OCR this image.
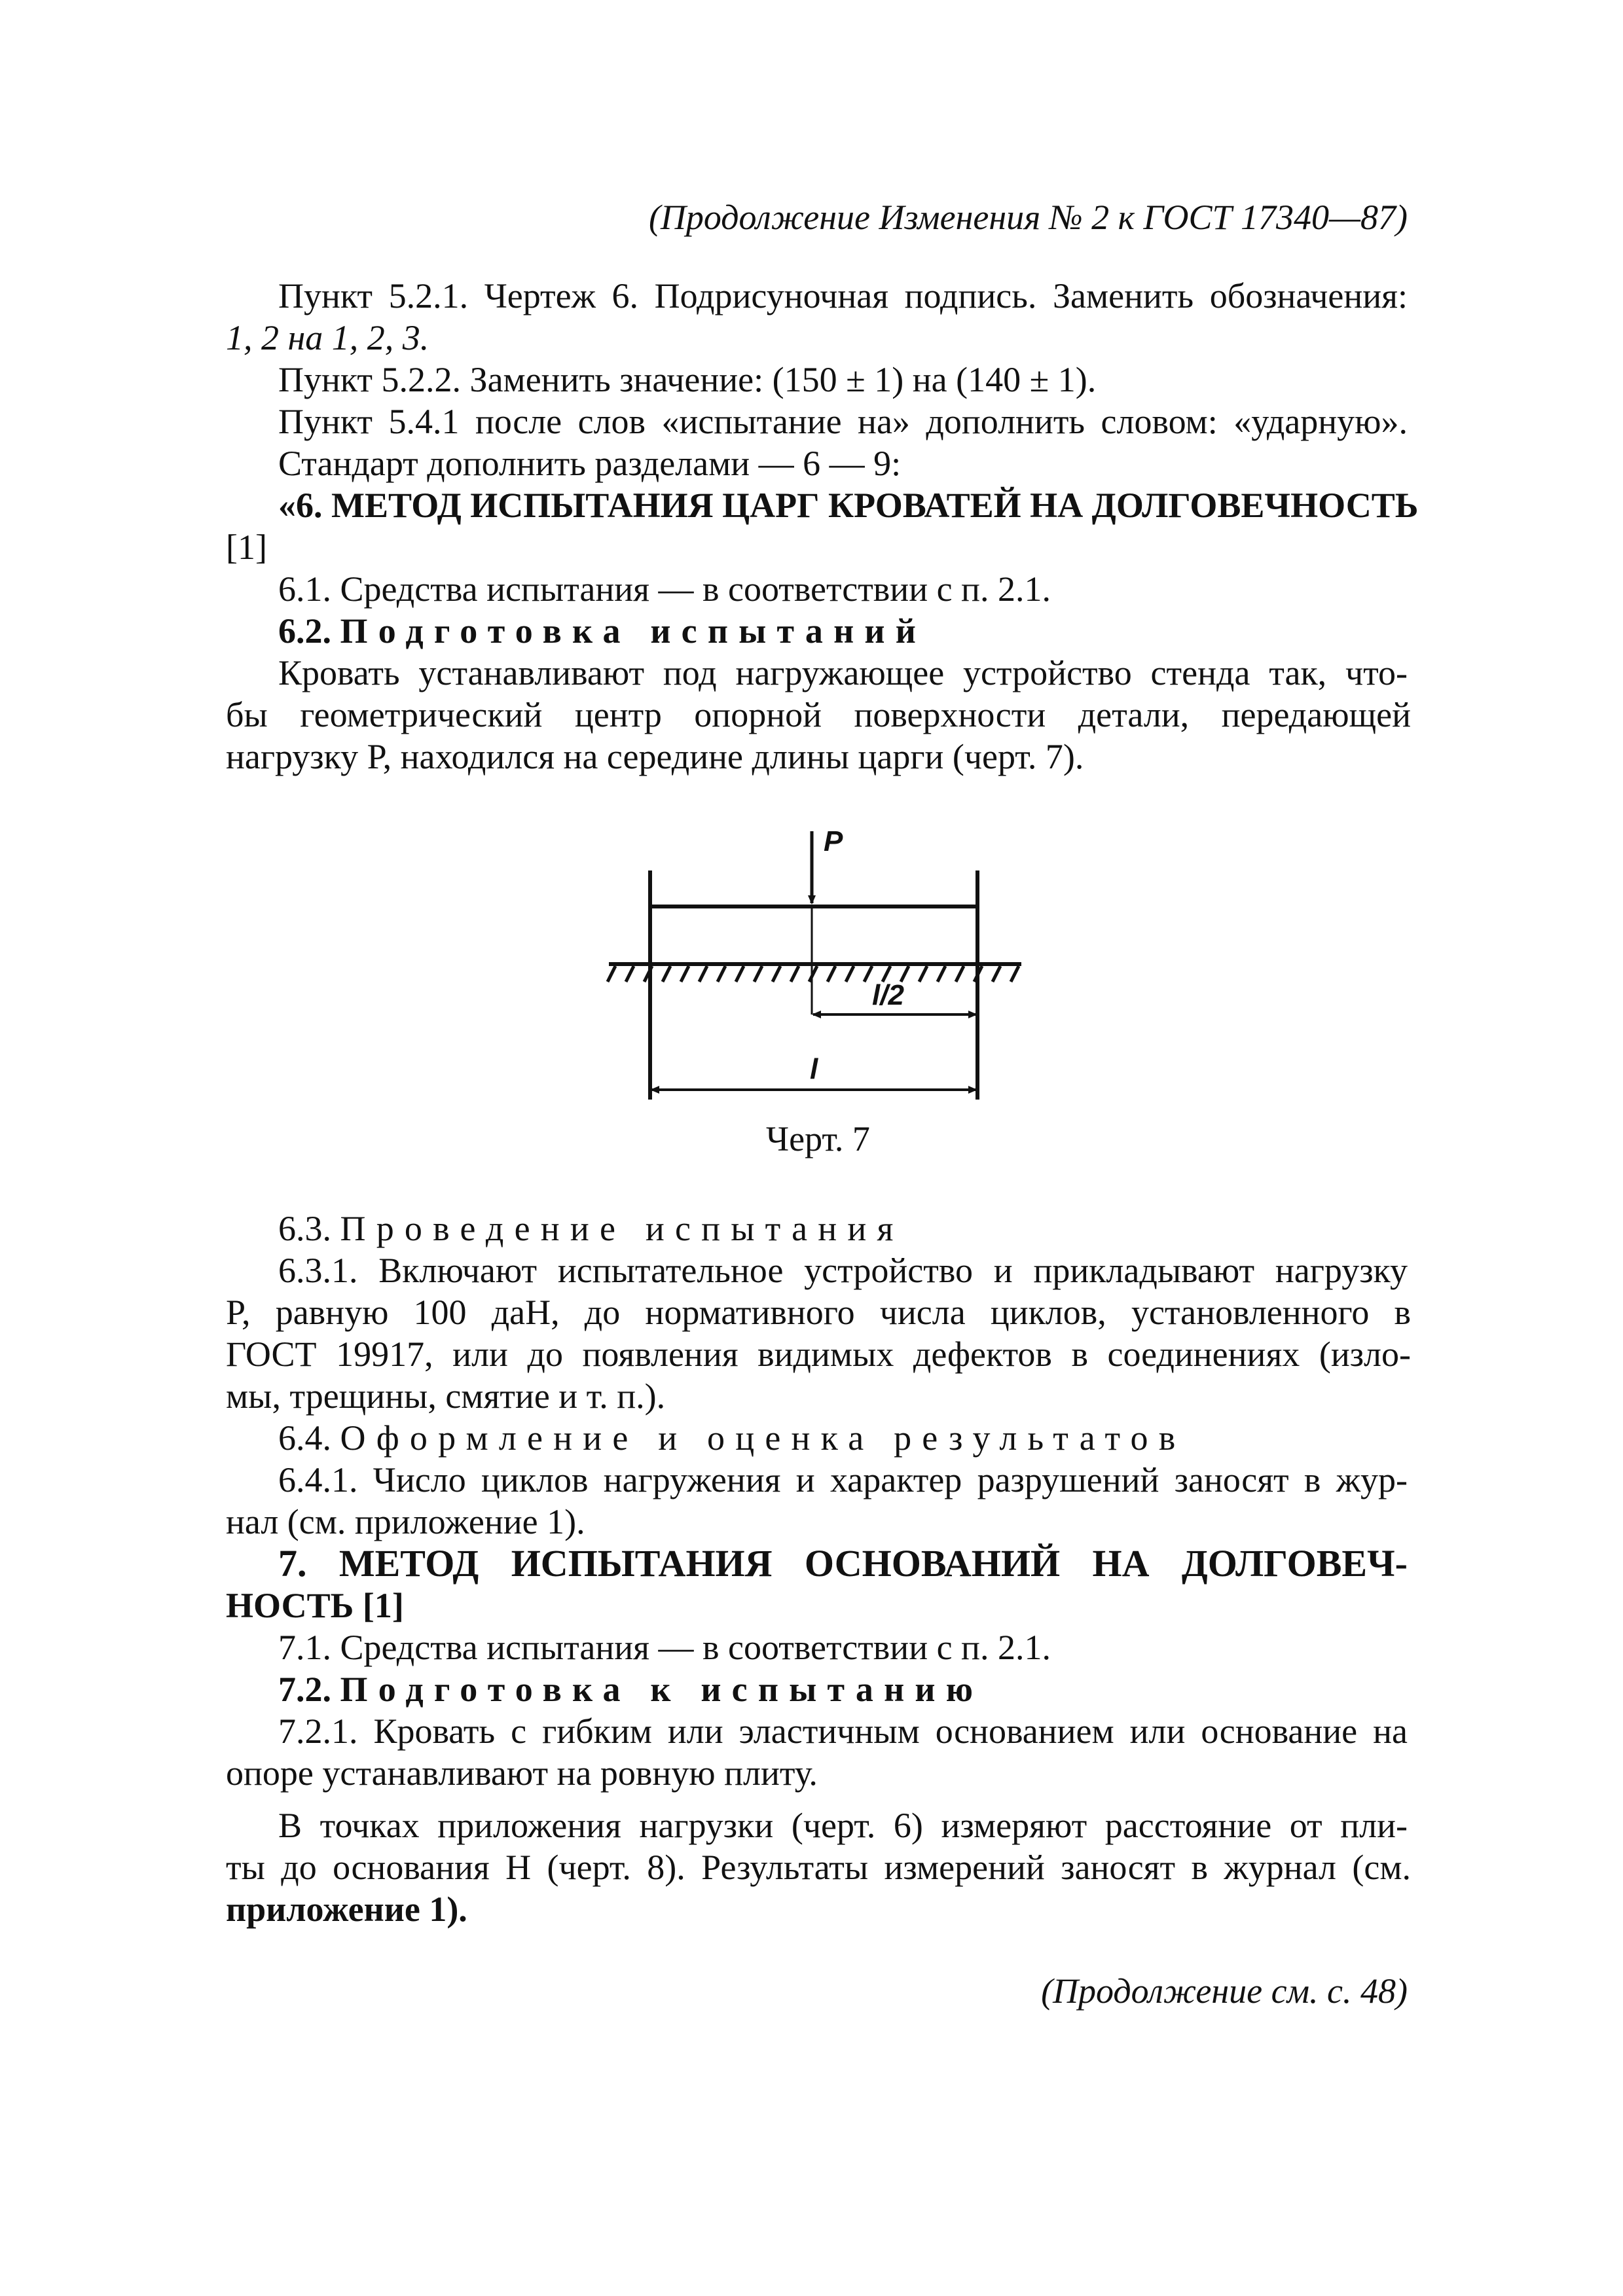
(Продолжение Изменения № 2 к ГОСТ 17340—87)
Пункт 5.2.1. Чертеж 6. Подрисуночная подпись. Заменить обозначения:
1, 2 на 1, 2, 3.
Пункт 5.2.2. Заменить значение: (150 ± 1) на (140 ± 1).
Пункт 5.4.1 после слов «испытание на» дополнить словом: «ударную».
Стандарт дополнить разделами — 6 — 9:
«6. МЕТОД ИСПЫТАНИЯ ЦАРГ КРОВАТЕЙ НА ДОЛГОВЕЧНОСТЬ
[1]
6.1. Средства испытания — в соответствии с п. 2.1.
6.2. Подготовка испытаний
Кровать устанавливают под нагружающее устройство стенда так, что-
бы геометрический центр опорной поверхности детали, передающей
нагрузку P, находился на середине длины царги (черт. 7).
P
l/2
l
Черт. 7
6.3. Проведение испытания
6.3.1. Включают испытательное устройство и прикладывают нагрузку
P, равную 100 даН, до нормативного числа циклов, установленного в
ГОСТ 19917, или до появления видимых дефектов в соединениях (изло-
мы, трещины, смятие и т. п.).
6.4. Оформление и оценка результатов
6.4.1. Число циклов нагружения и характер разрушений заносят в жур-
нал (см. приложение 1).
7. МЕТОД ИСПЫТАНИЯ ОСНОВАНИЙ НА ДОЛГОВЕЧ-
НОСТЬ [1]
7.1. Средства испытания — в соответствии с п. 2.1.
7.2. Подготовка к испытанию
7.2.1. Кровать с гибким или эластичным основанием или основание на
опоре устанавливают на ровную плиту.
В точках приложения нагрузки (черт. 6) измеряют расстояние от пли-
ты до основания H (черт. 8). Результаты измерений заносят в журнал (см.
приложение 1).
(Продолжение см. с. 48)
